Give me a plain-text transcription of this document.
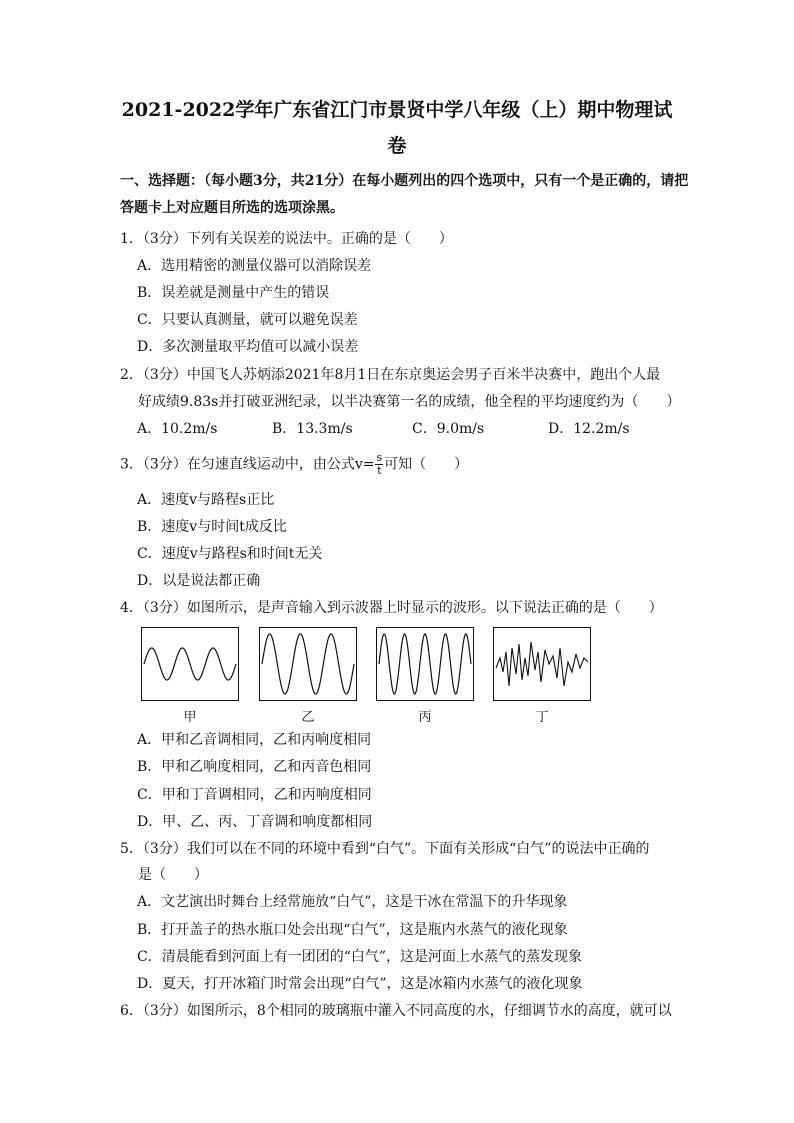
2021-2022学年广东省江门市景贤中学八年级（上）期中物理试
卷
一、选择题：（每小题3分，共21分）在每小题列出的四个选项中，只有一个是正确的，请把答题卡上对应题目所选的选项涂黑。
1．（3分）下列有关误差的说法中。正确的是（　　）
A．选用精密的测量仪器可以消除误差
B．误差就是测量中产生的错误
C．只要认真测量，就可以避免误差
D．多次测量取平均值可以减小误差
2．（3分）中国飞人苏炳添2021年8月1日在东京奥运会男子百米半决赛中，跑出个人最
好成绩9.83s并打破亚洲纪录，以半决赛第一名的成绩，他全程的平均速度约为（　　）
A．10.2m/s	B．13.3m/s	C．9.0m/s	D．12.2m/s
3．（3分）在匀速直线运动中，由公式$v= \frac{s}{t}$ 可知（　　）
A．速度v与路程s正比
B．速度v与时间t成反比
C．速度v与路程s和时间t无关
D．以是说法都正确
4．（3分）如图所示，是声音输入到示波器上时显示的波形。以下说法正确的是（　　）
甲	乙	丙	丁
A．甲和乙音调相同，乙和丙响度相同
B．甲和乙响度相同，乙和丙音色相同
C．甲和丁音调相同，乙和丙响度相同
D．甲、乙、丙、丁音调和响度都相同
5．（3分）我们可以在不同的环境中看到“白气”。下面有关形成“白气”的说法中正确的
是（　　）
A．文艺演出时舞台上经常施放“白气”，这是干冰在常温下的升华现象
B．打开盖子的热水瓶口处会出现“白气”，这是瓶内水蒸气的液化现象
C．清晨能看到河面上有一团团的“白气”，这是河面上水蒸气的蒸发现象
D．夏天，打开冰箱门时常会出现“白气”，这是冰箱内水蒸气的液化现象
6．（3分）如图所示，8个相同的玻璃瓶中灌入不同高度的水，仔细调节水的高度，就可以
